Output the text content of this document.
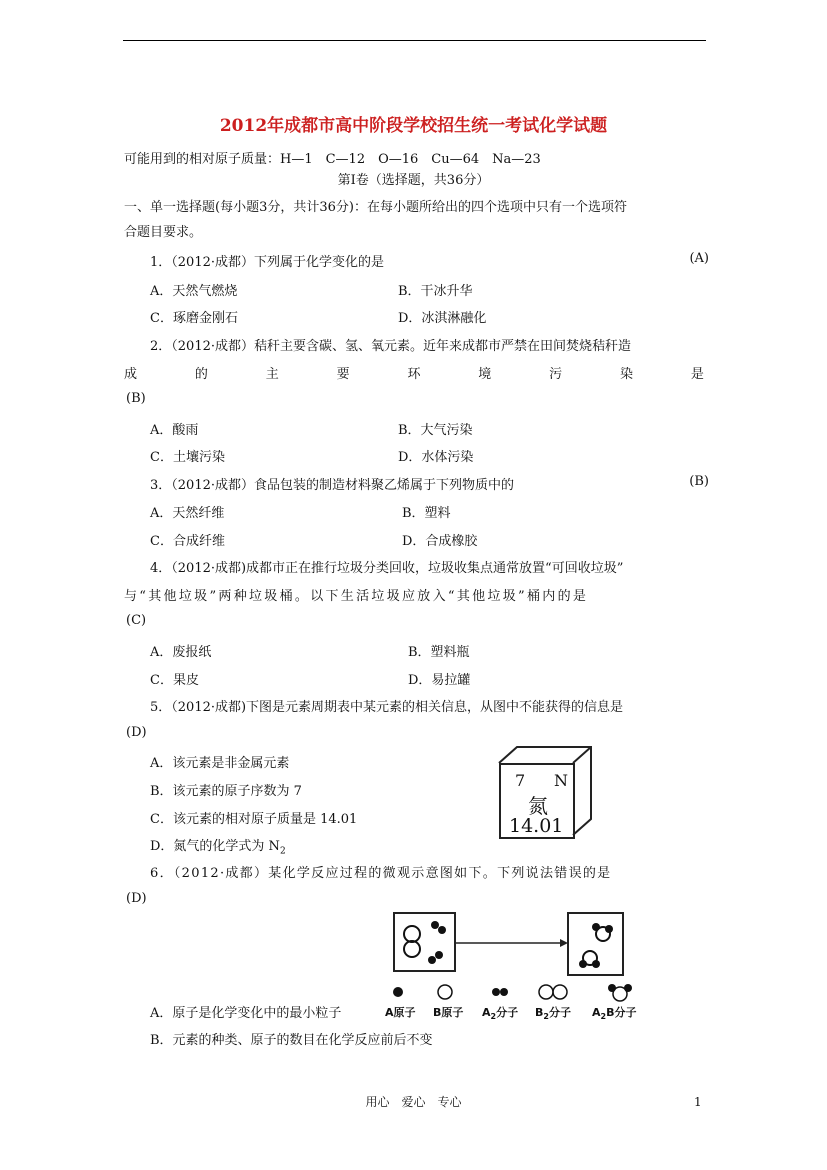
2012年成都市高中阶段学校招生统一考试化学试题
可能用到的相对原子质量：H—1　C—12　O—16　Cu—64　Na—23
第Ⅰ卷（选择题，共36分）
一、单一选择题(每小题3分，共计36分)：在每小题所给出的四个选项中只有一个选项符
合题目要求。
1．（2012·成都）下列属于化学变化的是	(A)
A．天然气燃烧	B．干冰升华
C．琢磨金刚石	D．冰淇淋融化
2．（2012·成都）秸秆主要含碳、氢、氧元素。近年来成都市严禁在田间焚烧秸秆造
成	的	主	要	环	境	污	染	是
(B)
A．酸雨	B．大气污染
C．土壤污染	D．水体污染
3．（2012·成都）食品包装的制造材料聚乙烯属于下列物质中的	(B)
A．天然纤维	B．塑料
C．合成纤维	D．合成橡胶
4．（2012·成都)成都市正在推行垃圾分类回收，垃圾收集点通常放置“可回收垃圾”
与“其他垃圾”两种垃圾桶。以下生活垃圾应放入“其他垃圾”桶内的是
(C)
A．废报纸	B．塑料瓶
C．果皮	D．易拉罐
5．（2012·成都)下图是元素周期表中某元素的相关信息，从图中不能获得的信息是
(D)
A．该元素是非金属元素
B．该元素的原子序数为 7
C．该元素的相对原子质量是 14.01
D．氮气的化学式为 $N_2$
7 N
氮
14.01
6．（2012·成都）某化学反应过程的微观示意图如下。下列说法错误的是
(D)
A原子 B原子 $A_2$分子 $B_2$分子 $A_2B$分子
A．原子是化学变化中的最小粒子
B．元素的种类、原子的数目在化学反应前后不变
用心　爱心　专心	1
